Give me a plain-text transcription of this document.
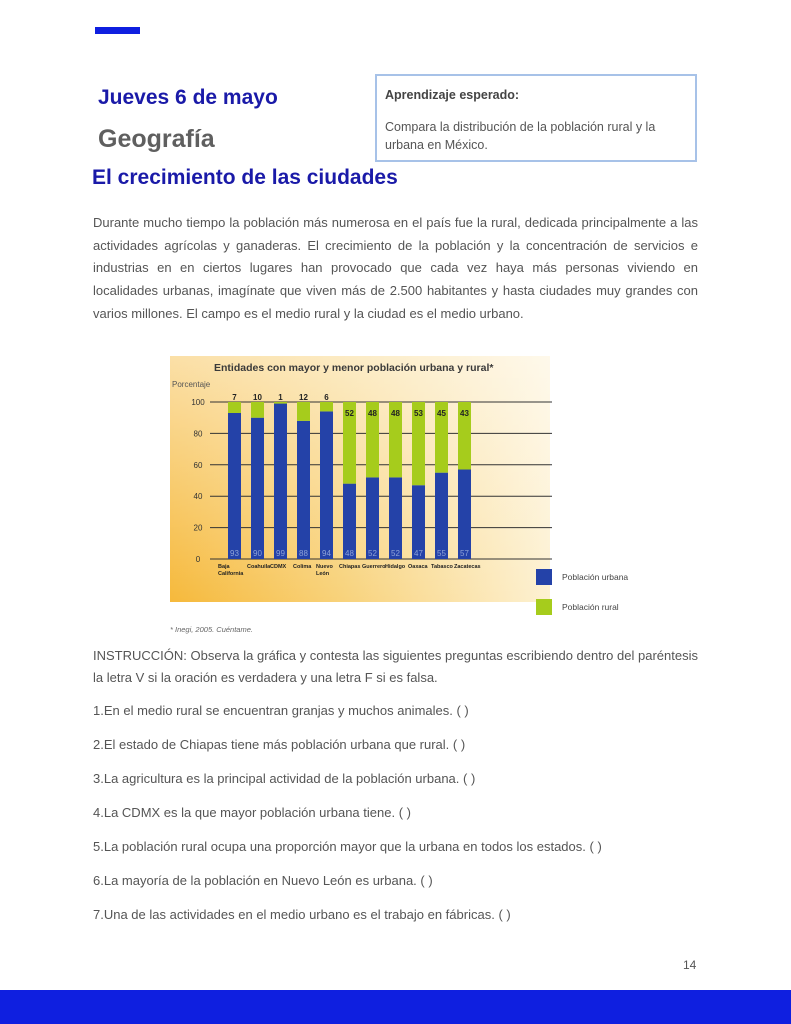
Jueves 6 de mayo
Geografía
El crecimiento de las ciudades
Aprendizaje esperado:
Compara la distribución de la población rural y la urbana en México.

Durante mucho tiempo la población más numerosa en el país fue la rural, dedicada principalmente a las actividades agrícolas y ganaderas. El crecimiento de la población y la concentración de servicios e industrias en en ciertos lugares han provocado que cada vez haya más personas viviendo en localidades urbanas, imagínate que viven más de 2.500 habitantes y hasta ciudades muy grandes con varios millones. El campo es el medio rural y la ciudad es el medio urbano.

Entidades con mayor y menor población urbana y rural*
Porcentaje
0
20
40
60
80
100
93
7
Baja
California
90
10
Coahuila
99
1
CDMX
88
12
Colima
94
6
Nuevo
León
48
52
Chiapas
52
48
Guerrero
52
48
Hidalgo
47
53
Oaxaca
55
45
Tabasco
57
43
Zacatecas
Población urbana
Población rural
* Inegi, 2005. Cuéntame.

INSTRUCCIÓN: Observa la gráfica y contesta las siguientes preguntas escribiendo dentro del paréntesis la letra V si la oración es verdadera y una letra F si es falsa.

1.En el medio rural se encuentran granjas y muchos animales. ( )
2.El estado de Chiapas tiene más población urbana que rural. ( )
3.La agricultura es la principal actividad de la población urbana. ( )
4.La CDMX es la que mayor población urbana tiene. ( )
5.La población rural ocupa una proporción mayor que la urbana en todos los estados. ( )
6.La mayoría de la población en Nuevo León es urbana. ( )
7.Una de las actividades en el medio urbano es el trabajo en fábricas. ( )
14
